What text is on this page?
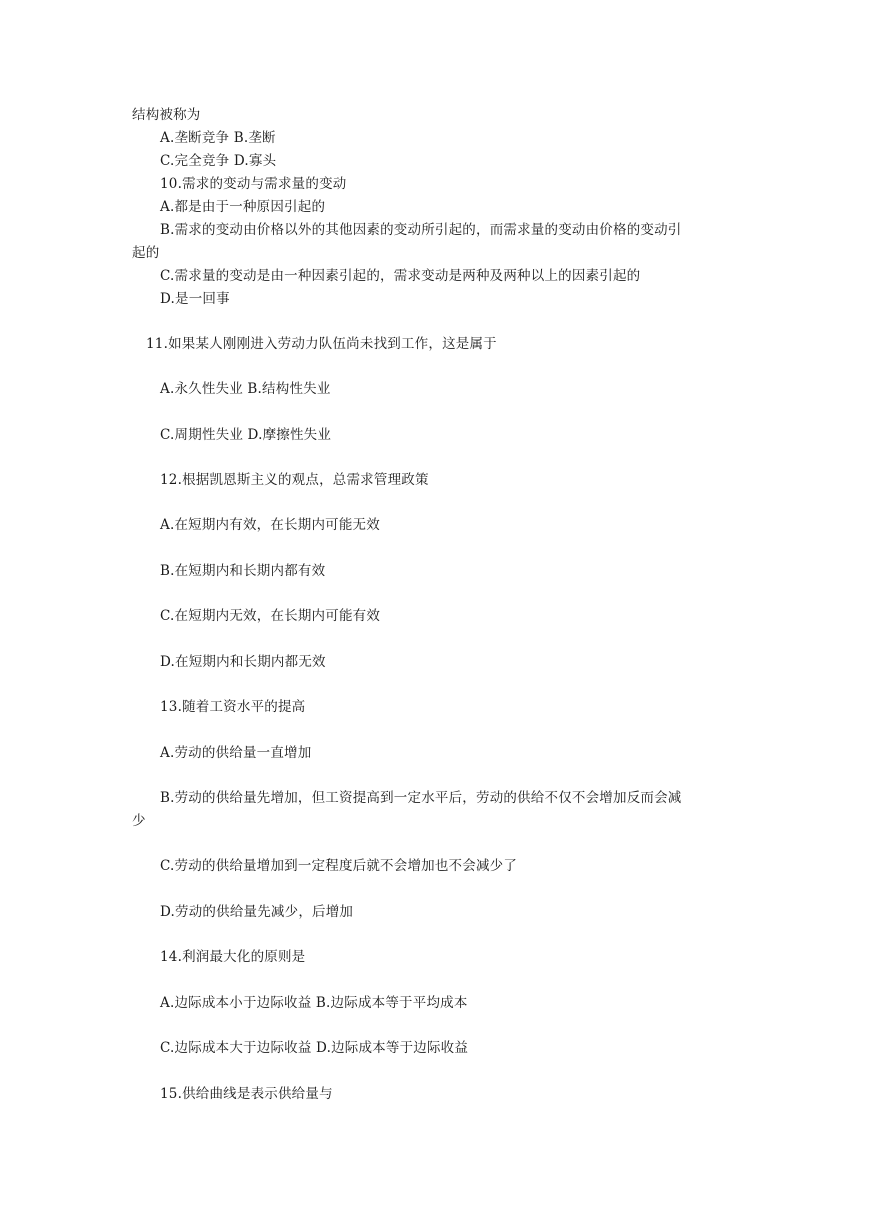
结构被称为
A.垄断竞争 B.垄断
C.完全竞争 D.寡头
10.需求的变动与需求量的变动
A.都是由于一种原因引起的
B.需求的变动由价格以外的其他因素的变动所引起的，而需求量的变动由价格的变动引
起的
C.需求量的变动是由一种因素引起的，需求变动是两种及两种以上的因素引起的
D.是一回事
11.如果某人刚刚进入劳动力队伍尚未找到工作，这是属于
A.永久性失业 B.结构性失业
C.周期性失业 D.摩擦性失业
12.根据凯恩斯主义的观点，总需求管理政策
A.在短期内有效，在长期内可能无效
B.在短期内和长期内都有效
C.在短期内无效，在长期内可能有效
D.在短期内和长期内都无效
13.随着工资水平的提高
A.劳动的供给量一直增加
B.劳动的供给量先增加，但工资提高到一定水平后，劳动的供给不仅不会增加反而会减
少
C.劳动的供给量增加到一定程度后就不会增加也不会减少了
D.劳动的供给量先减少，后增加
14.利润最大化的原则是
A.边际成本小于边际收益 B.边际成本等于平均成本
C.边际成本大于边际收益 D.边际成本等于边际收益
15.供给曲线是表示供给量与
